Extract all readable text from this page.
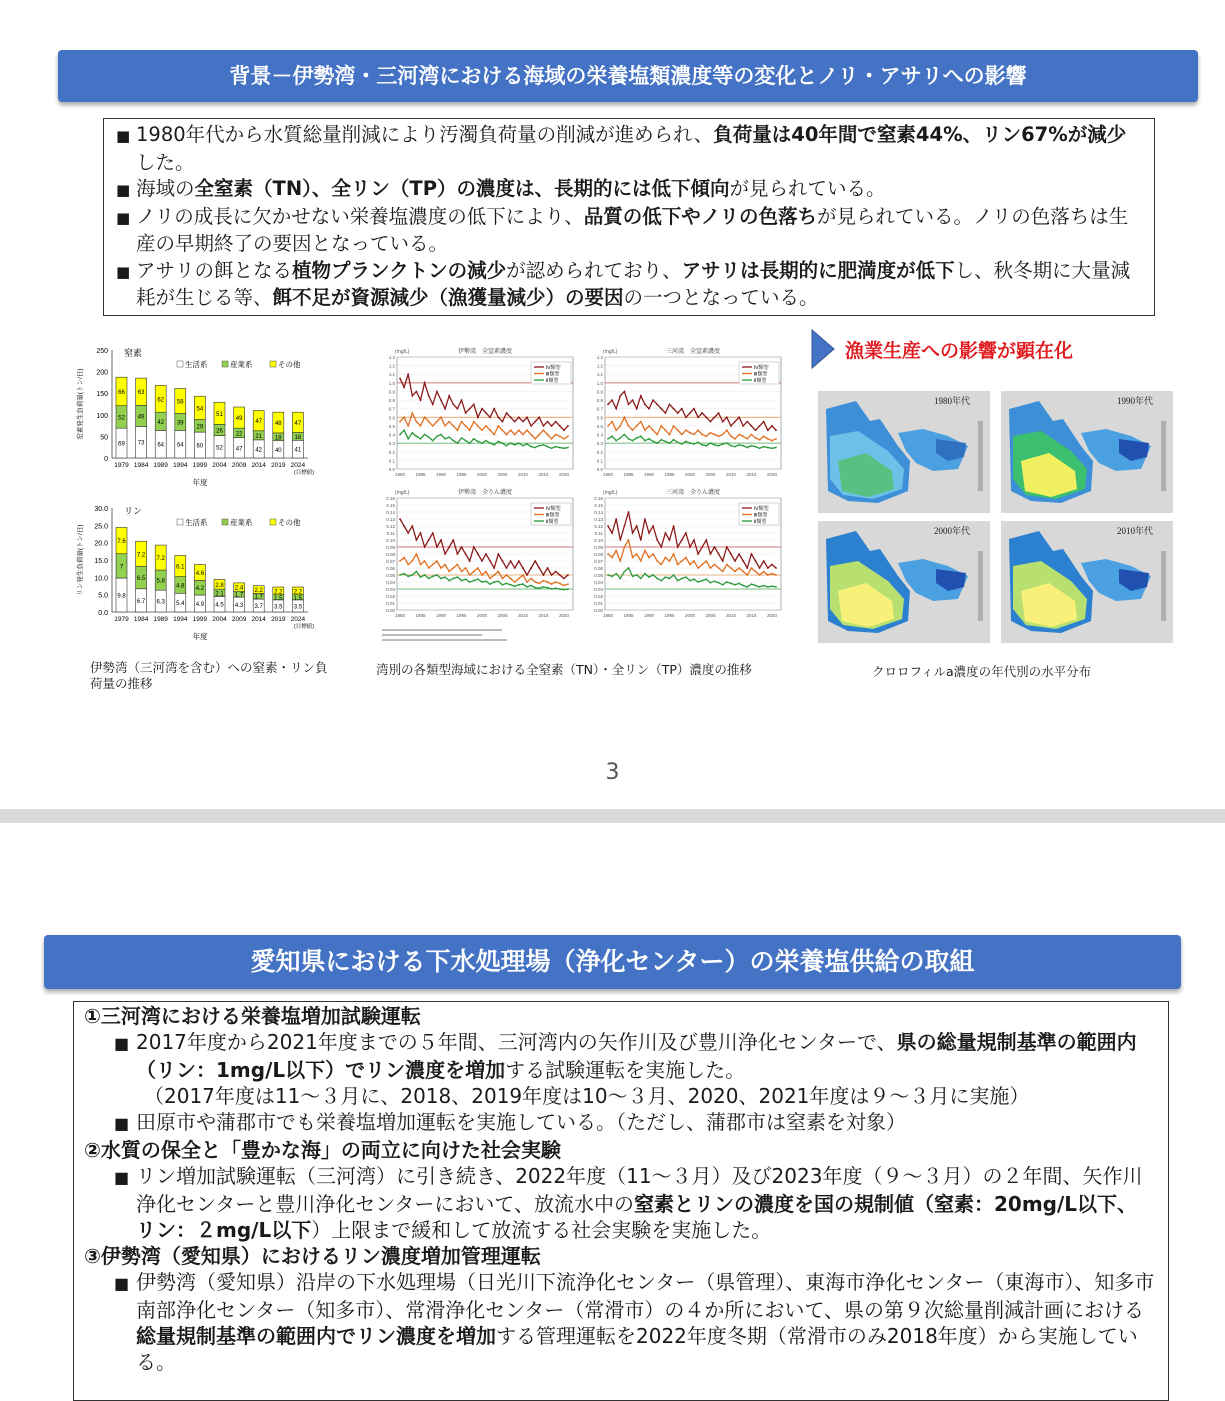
背景－伊勢湾・三河湾における海域の栄養塩類濃度等の変化とノリ・アサリへの影響
■ 1980年代から水質総量削減により汚濁負荷量の削減が進められ、負荷量は40年間で窒素44%、リン67%が減少した。
■ 海域の全窒素（TN）、全リン（TP）の濃度は、長期的には低下傾向が見られている。
■ ノリの成長に欠かせない栄養塩濃度の低下により、品質の低下やノリの色落ちが見られている。ノリの色落ちは生産の早期終了の要因となっている。
■ アサリの餌となる植物プランクトンの減少が認められており、アサリは長期的に肥満度が低下し、秋冬期に大量減耗が生じる等、餌不足が資源減少（漁獲量減少）の要因の一つとなっている。
250
200
150
100
50
0
窒素
窒素発生負荷量(トン/日)
生活系	産業系	その他
69
52
66
1979
73
49
63
1984
64
42
62
1989
64
39
58
1994
60
29
54
1999
52
26
51
2004
47
22
49
2009
42
21
47
2014
40
18
48
2019
41
18
47
2024
(目標値)
年度
30.0
25.0
20.0
15.0
10.0
5.0
0.0
リン
リン発生負荷量(トン/日)
生活系	産業系	その他
9.8
7
7.6
1979
6.7
6.5
7.2
1984
6.3
5.8
7.2
1989
5.4
4.8
6.1
1994
4.9
4.2
4.6
1999
4.5
2.1
2.8
2004
4.3
1.7
2.4
2009
3.7
1.7
2.2
2014
3.5
1.5
2.2
2019
3.5
1.5
2.2
2024
(目標値)
年度
1.3
1.2
1.1
1.0
0.9
0.8
0.7
0.6
0.5
0.4
0.3
0.2
0.1
0.0
(mg/L)	伊勢湾　全窒素濃度
1980 1985 1990 1995 2000 2005 2010 2015 2020
Ⅳ類型
Ⅲ類型
Ⅱ類型
1.3
1.2
1.1
1.0
0.9
0.8
0.7
0.6
0.5
0.4
0.3
0.2
0.1
0.0
(mg/L)	三河湾　全窒素濃度
1980 1985 1990 1995 2000 2005 2010 2015 2020
Ⅳ類型
Ⅲ類型
Ⅱ類型
0.16
0.15
0.14
0.13
0.12
0.11
0.10
0.09
0.08
0.07
0.06
0.05
0.04
0.03
0.02
0.01
0.00
(mg/L)	伊勢湾　全りん濃度
1980 1985 1990 1995 2000 2005 2010 2015 2020
Ⅳ類型
Ⅲ類型
Ⅱ類型
0.16
0.15
0.14
0.13
0.12
0.11
0.10
0.09
0.08
0.07
0.06
0.05
0.04
0.03
0.02
0.01
0.00
(mg/L)	三河湾　全りん濃度
1980 1985 1990 1995 2000 2005 2010 2015 2020
Ⅳ類型
Ⅲ類型
Ⅱ類型
漁業生産への影響が顕在化
1980年代	1990年代
2000年代	2010年代
伊勢湾（三河湾を含む）への窒素・リン負荷量の推移
湾別の各類型海域における全窒素（TN）・全リン（TP）濃度の推移	クロロフィルa濃度の年代別の水平分布
3
愛知県における下水処理場（浄化センター）の栄養塩供給の取組
①三河湾における栄養塩増加試験運転
■ 2017年度から2021年度までの５年間、三河湾内の矢作川及び豊川浄化センターで、県の総量規制基準の範囲内（リン：1mg/L以下）でリン濃度を増加する試験運転を実施した。
（2017年度は11～３月に、2018、2019年度は10～３月、2020、2021年度は９～３月に実施）
■ 田原市や蒲郡市でも栄養塩増加運転を実施している。（ただし、蒲郡市は窒素を対象）
②水質の保全と「豊かな海」の両立に向けた社会実験
■ リン増加試験運転（三河湾）に引き続き、2022年度（11～３月）及び2023年度（９～３月）の２年間、矢作川浄化センターと豊川浄化センターにおいて、放流水中の窒素とリンの濃度を国の規制値（窒素：20mg/L以下、リン：２mg/L以下）上限まで緩和して放流する社会実験を実施した。
③伊勢湾（愛知県）におけるリン濃度増加管理運転
■ 伊勢湾（愛知県）沿岸の下水処理場（日光川下流浄化センター（県管理）、東海市浄化センター（東海市）、知多市南部浄化センター（知多市）、常滑浄化センター（常滑市）の４か所において、県の第９次総量削減計画における総量規制基準の範囲内でリン濃度を増加する管理運転を2022年度冬期（常滑市のみ2018年度）から実施している。
